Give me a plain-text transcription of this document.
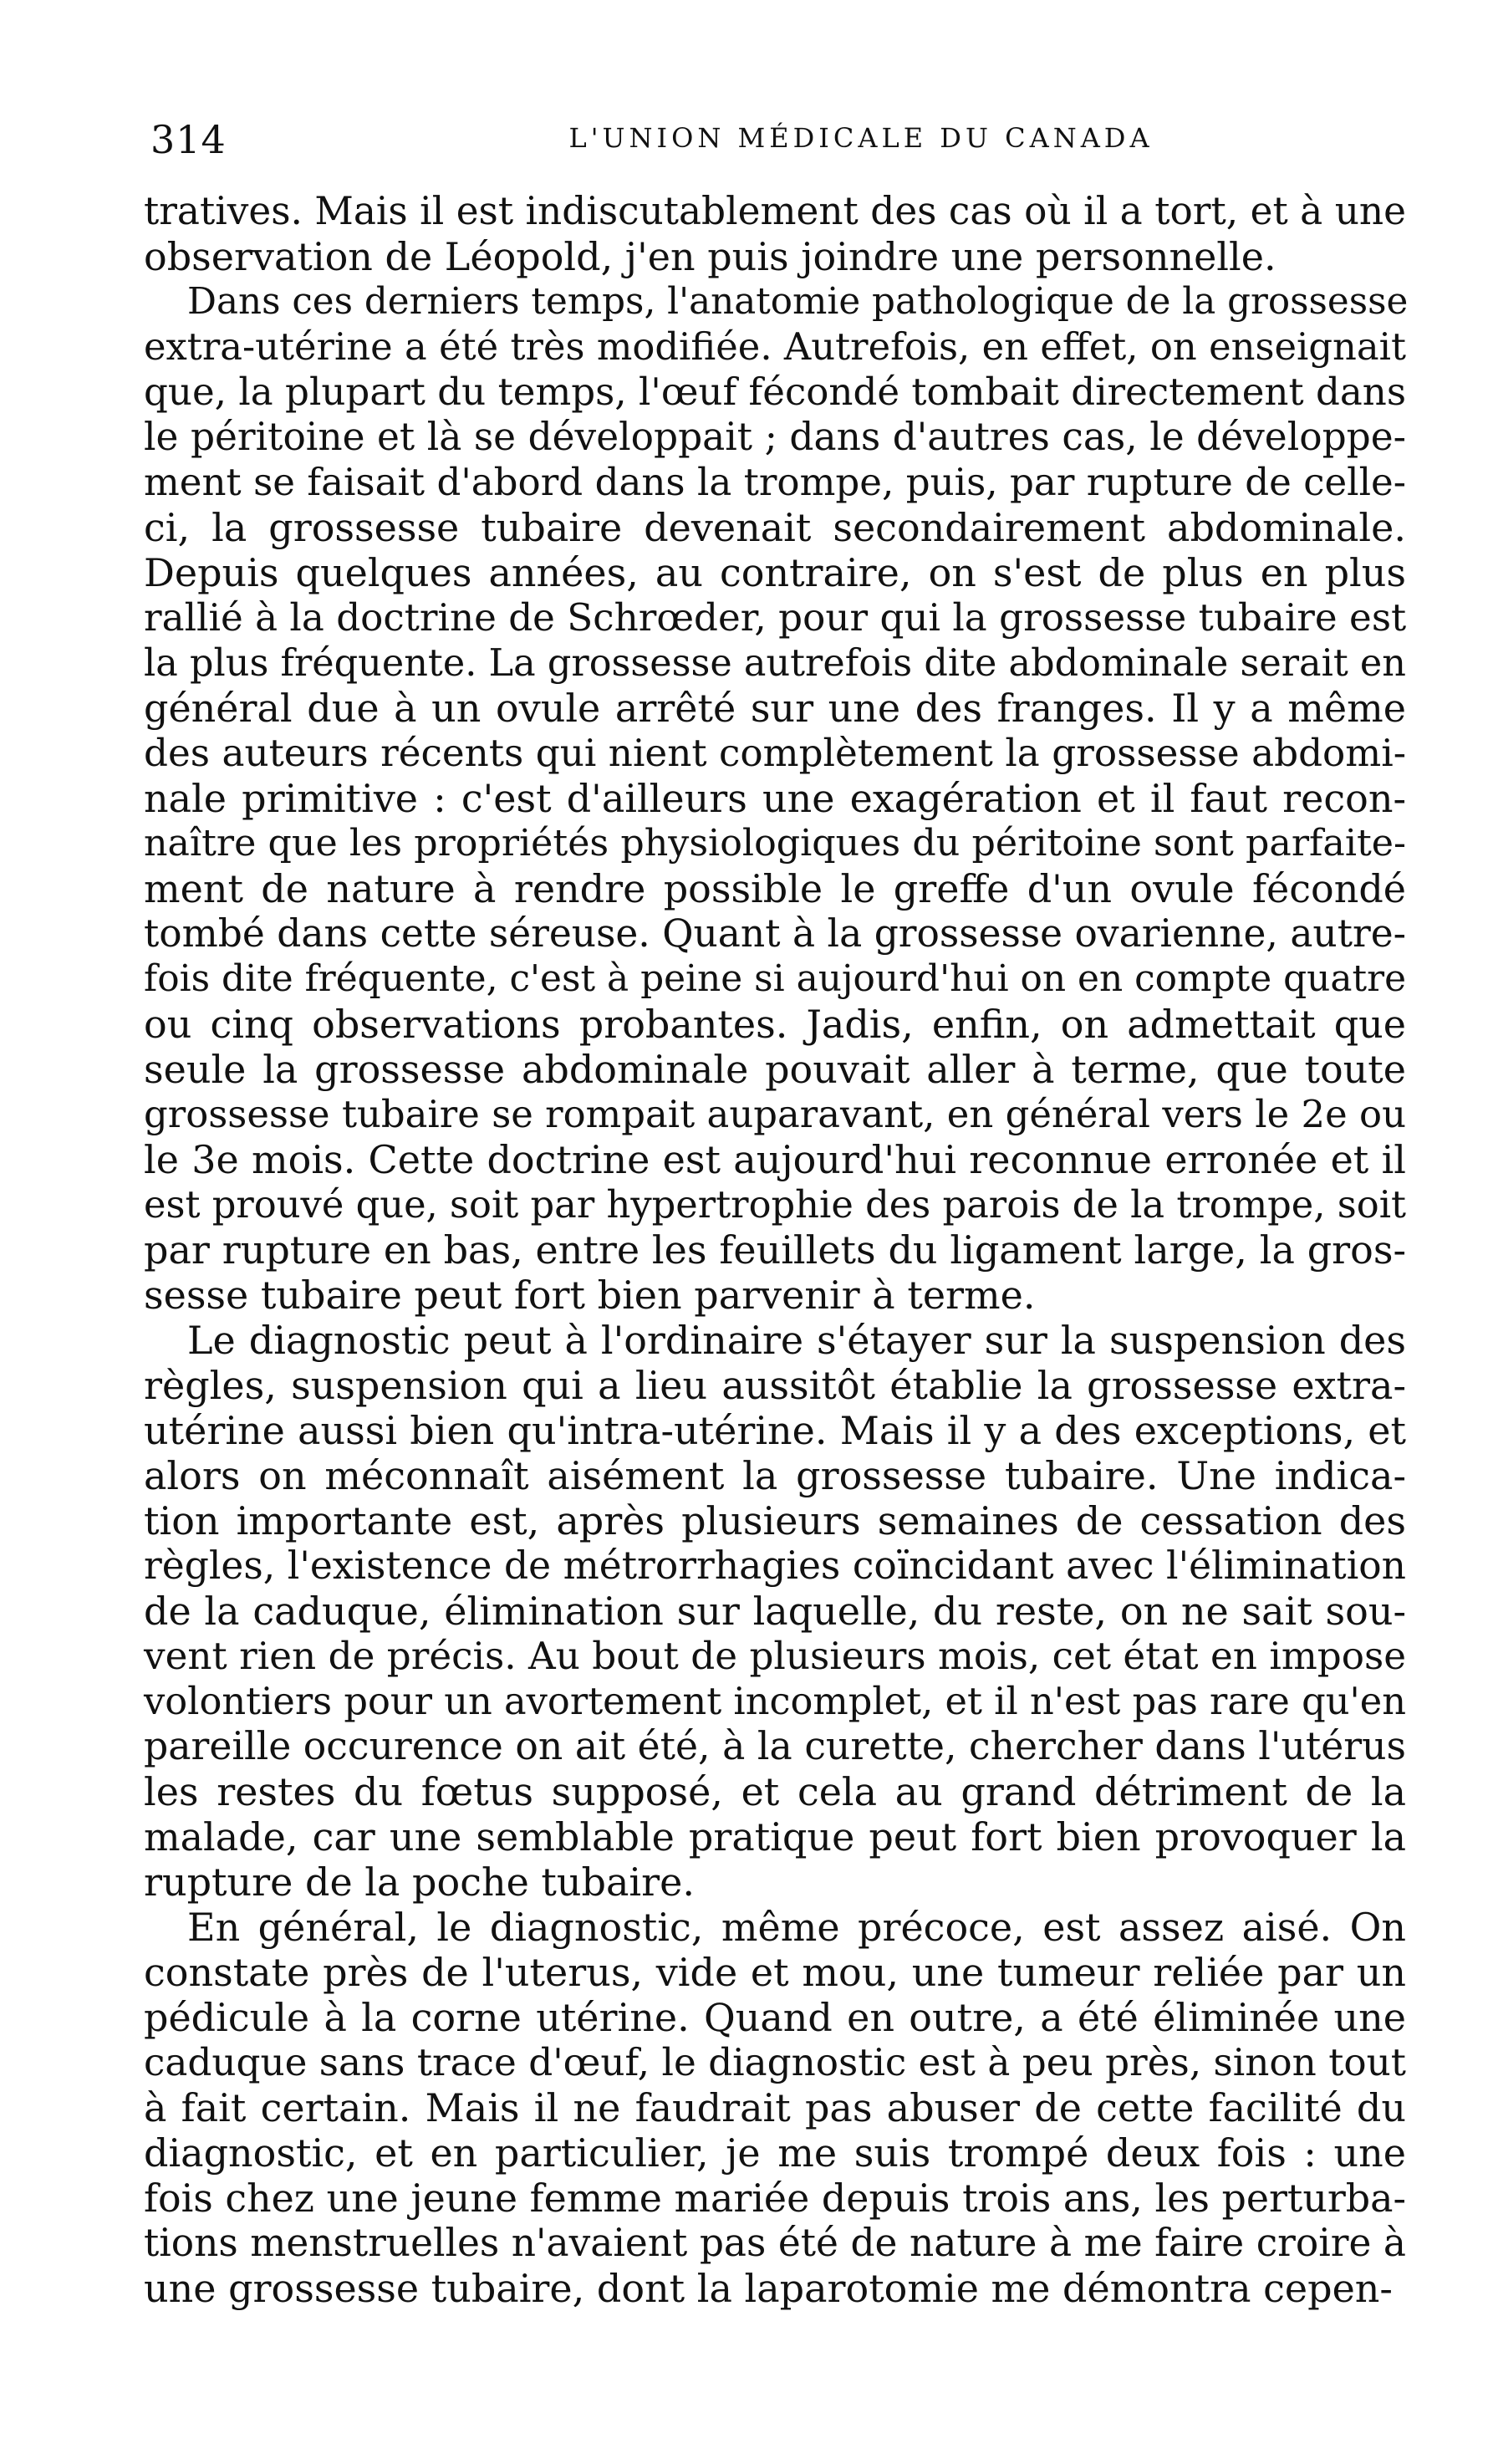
314	L'UNION MÉDICALE DU CANADA
tratives. Mais il est indiscutablement des cas où il a tort, et à une
observation de Léopold, j'en puis joindre une personnelle.
Dans ces derniers temps, l'anatomie pathologique de la grossesse
extra-utérine a été très modifiée. Autrefois, en effet, on enseignait
que, la plupart du temps, l'œuf fécondé tombait directement dans
le péritoine et là se développait ; dans d'autres cas, le développe-
ment se faisait d'abord dans la trompe, puis, par rupture de celle-
ci, la grossesse tubaire devenait secondairement abdominale.
Depuis quelques années, au contraire, on s'est de plus en plus
rallié à la doctrine de Schrœder, pour qui la grossesse tubaire est
la plus fréquente. La grossesse autrefois dite abdominale serait en
général due à un ovule arrêté sur une des franges. Il y a même
des auteurs récents qui nient complètement la grossesse abdomi-
nale primitive : c'est d'ailleurs une exagération et il faut recon-
naître que les propriétés physiologiques du péritoine sont parfaite-
ment de nature à rendre possible le greffe d'un ovule fécondé
tombé dans cette séreuse. Quant à la grossesse ovarienne, autre-
fois dite fréquente, c'est à peine si aujourd'hui on en compte quatre
ou cinq observations probantes. Jadis, enfin, on admettait que
seule la grossesse abdominale pouvait aller à terme, que toute
grossesse tubaire se rompait auparavant, en général vers le 2e ou
le 3e mois. Cette doctrine est aujourd'hui reconnue erronée et il
est prouvé que, soit par hypertrophie des parois de la trompe, soit
par rupture en bas, entre les feuillets du ligament large, la gros-
sesse tubaire peut fort bien parvenir à terme.
Le diagnostic peut à l'ordinaire s'étayer sur la suspension des
règles, suspension qui a lieu aussitôt établie la grossesse extra-
utérine aussi bien qu'intra-utérine. Mais il y a des exceptions, et
alors on méconnaît aisément la grossesse tubaire. Une indica-
tion importante est, après plusieurs semaines de cessation des
règles, l'existence de métrorrhagies coïncidant avec l'élimination
de la caduque, élimination sur laquelle, du reste, on ne sait sou-
vent rien de précis. Au bout de plusieurs mois, cet état en impose
volontiers pour un avortement incomplet, et il n'est pas rare qu'en
pareille occurence on ait été, à la curette, chercher dans l'utérus
les restes du fœtus supposé, et cela au grand détriment de la
malade, car une semblable pratique peut fort bien provoquer la
rupture de la poche tubaire.
En général, le diagnostic, même précoce, est assez aisé. On
constate près de l'uterus, vide et mou, une tumeur reliée par un
pédicule à la corne utérine. Quand en outre, a été éliminée une
caduque sans trace d'œuf, le diagnostic est à peu près, sinon tout
à fait certain. Mais il ne faudrait pas abuser de cette facilité du
diagnostic, et en particulier, je me suis trompé deux fois : une
fois chez une jeune femme mariée depuis trois ans, les perturba-
tions menstruelles n'avaient pas été de nature à me faire croire à
une grossesse tubaire, dont la laparotomie me démontra cepen-
